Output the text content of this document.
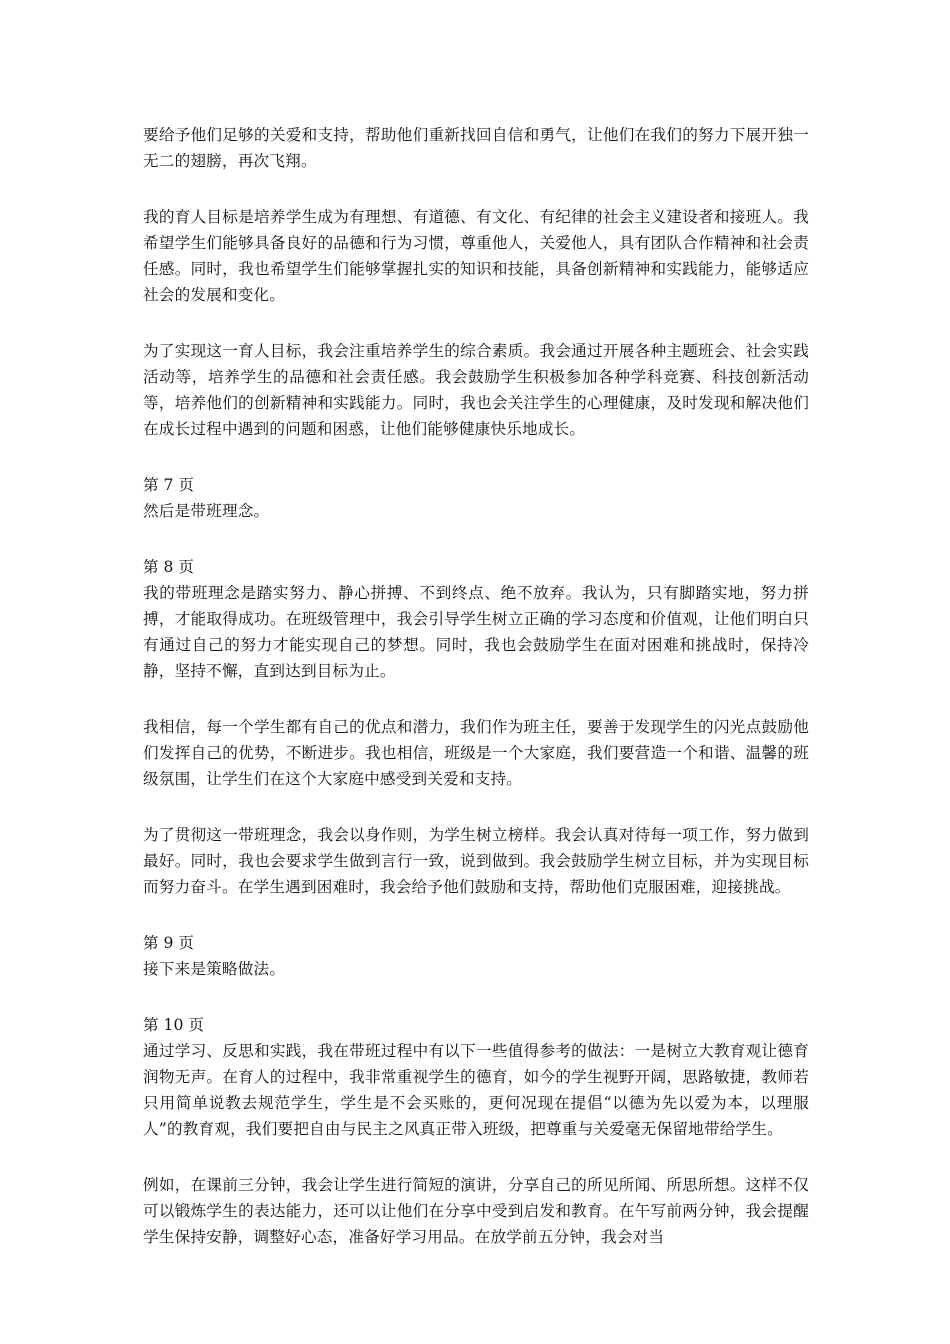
要给予他们足够的关爱和支持，帮助他们重新找回自信和勇气，让他们在我们的努力下展开独一无二的翅膀，再次飞翔。

我的育人目标是培养学生成为有理想、有道德、有文化、有纪律的社会主义建设者和接班人。我希望学生们能够具备良好的品德和行为习惯，尊重他人，关爱他人，具有团队合作精神和社会责任感。同时，我也希望学生们能够掌握扎实的知识和技能，具备创新精神和实践能力，能够适应社会的发展和变化。

为了实现这一育人目标，我会注重培养学生的综合素质。我会通过开展各种主题班会、社会实践活动等，培养学生的品德和社会责任感。我会鼓励学生积极参加各种学科竞赛、科技创新活动等，培养他们的创新精神和实践能力。同时，我也会关注学生的心理健康，及时发现和解决他们在成长过程中遇到的问题和困惑，让他们能够健康快乐地成长。

第 7 页

然后是带班理念。

第 8 页

我的带班理念是踏实努力、静心拼搏、不到终点、绝不放弃。我认为，只有脚踏实地，努力拼搏，才能取得成功。在班级管理中，我会引导学生树立正确的学习态度和价值观，让他们明白只有通过自己的努力才能实现自己的梦想。同时，我也会鼓励学生在面对困难和挑战时，保持冷静，坚持不懈，直到达到目标为止。

我相信，每一个学生都有自己的优点和潜力，我们作为班主任，要善于发现学生的闪光点鼓励他们发挥自己的优势，不断进步。我也相信，班级是一个大家庭，我们要营造一个和谐、温馨的班级氛围，让学生们在这个大家庭中感受到关爱和支持。

为了贯彻这一带班理念，我会以身作则，为学生树立榜样。我会认真对待每一项工作，努力做到最好。同时，我也会要求学生做到言行一致，说到做到。我会鼓励学生树立目标，并为实现目标而努力奋斗。在学生遇到困难时，我会给予他们鼓励和支持，帮助他们克服困难，迎接挑战。

第 9 页

接下来是策略做法。

第 10 页

通过学习、反思和实践，我在带班过程中有以下一些值得参考的做法：一是树立大教育观让德育润物无声。在育人的过程中，我非常重视学生的德育，如今的学生视野开阔，思路敏捷，教师若只用简单说教去规范学生，学生是不会买账的，更何况现在提倡“以德为先以爱为本，以理服人”的教育观，我们要把自由与民主之风真正带入班级，把尊重与关爱毫无保留地带给学生。

例如，在课前三分钟，我会让学生进行简短的演讲，分享自己的所见所闻、所思所想。这样不仅可以锻炼学生的表达能力，还可以让他们在分享中受到启发和教育。在午写前两分钟，我会提醒学生保持安静，调整好心态，准备好学习用品。在放学前五分钟，我会对当
